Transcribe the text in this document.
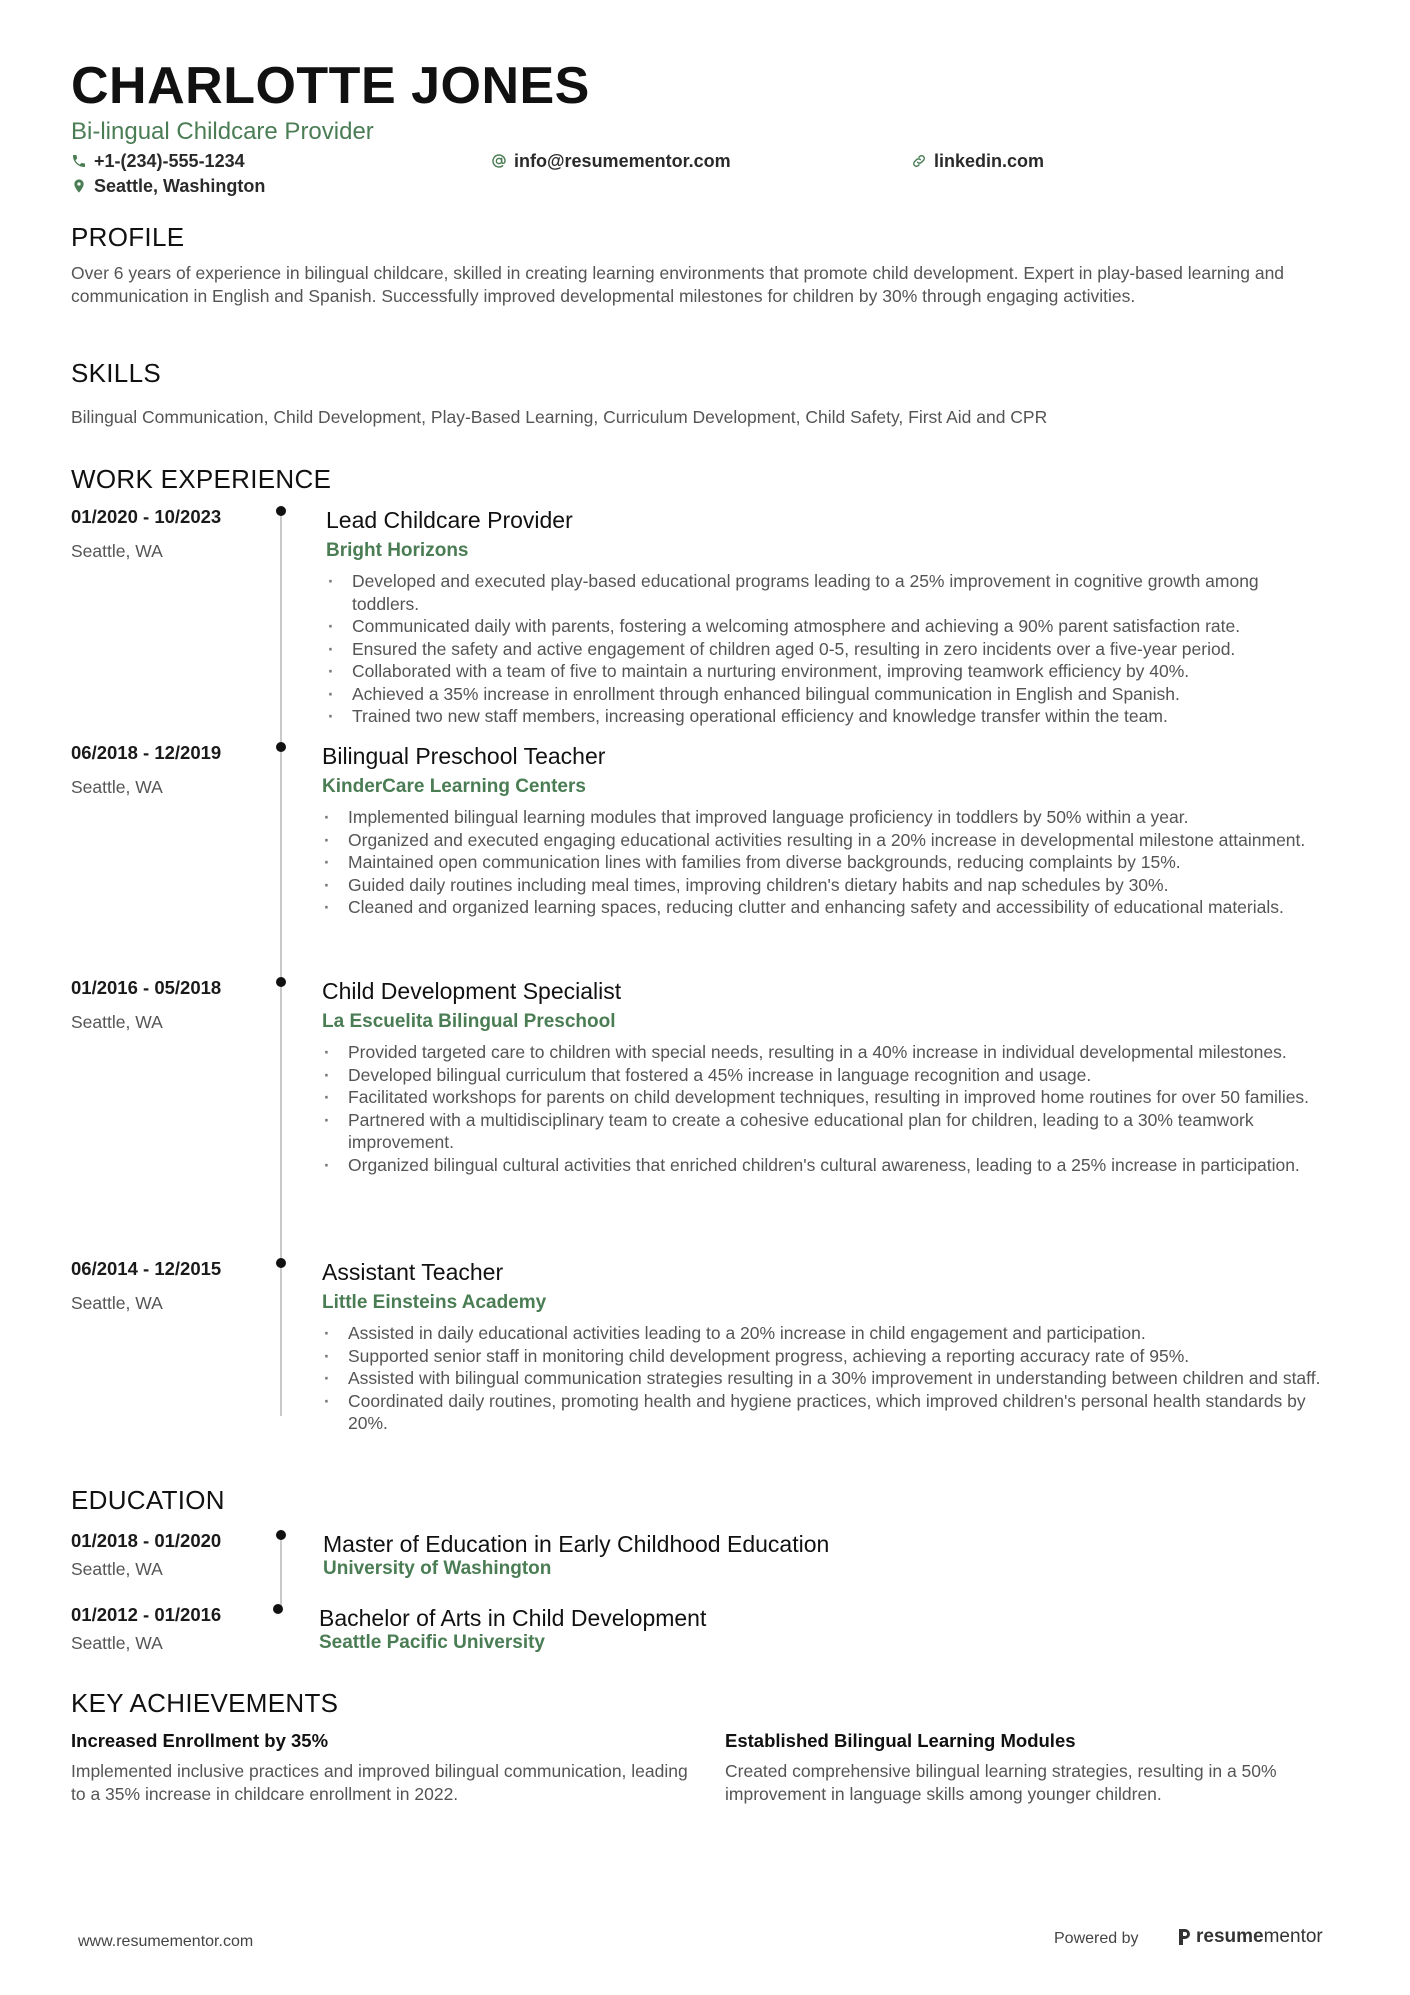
CHARLOTTE JONES
Bi-lingual Childcare Provider
+1-(234)-555-1234	info@resumementor.com	linkedin.com
Seattle, Washington
PROFILE
Over 6 years of experience in bilingual childcare, skilled in creating learning environments that promote child development. Expert in play-based learning and communication in English and Spanish. Successfully improved developmental milestones for children by 30% through engaging activities.
SKILLS
Bilingual Communication, Child Development, Play-Based Learning, Curriculum Development, Child Safety, First Aid and CPR
WORK EXPERIENCE
01/2020 - 10/2023
Seattle, WA
Lead Childcare Provider
Bright Horizons
· Developed and executed play-based educational programs leading to a 25% improvement in cognitive growth among toddlers.
· Communicated daily with parents, fostering a welcoming atmosphere and achieving a 90% parent satisfaction rate.
· Ensured the safety and active engagement of children aged 0-5, resulting in zero incidents over a five-year period.
· Collaborated with a team of five to maintain a nurturing environment, improving teamwork efficiency by 40%.
· Achieved a 35% increase in enrollment through enhanced bilingual communication in English and Spanish.
· Trained two new staff members, increasing operational efficiency and knowledge transfer within the team.
06/2018 - 12/2019
Seattle, WA
Bilingual Preschool Teacher
KinderCare Learning Centers
· Implemented bilingual learning modules that improved language proficiency in toddlers by 50% within a year.
· Organized and executed engaging educational activities resulting in a 20% increase in developmental milestone attainment.
· Maintained open communication lines with families from diverse backgrounds, reducing complaints by 15%.
· Guided daily routines including meal times, improving children's dietary habits and nap schedules by 30%.
· Cleaned and organized learning spaces, reducing clutter and enhancing safety and accessibility of educational materials.
01/2016 - 05/2018
Seattle, WA
Child Development Specialist
La Escuelita Bilingual Preschool
· Provided targeted care to children with special needs, resulting in a 40% increase in individual developmental milestones.
· Developed bilingual curriculum that fostered a 45% increase in language recognition and usage.
· Facilitated workshops for parents on child development techniques, resulting in improved home routines for over 50 families.
· Partnered with a multidisciplinary team to create a cohesive educational plan for children, leading to a 30% teamwork improvement.
· Organized bilingual cultural activities that enriched children's cultural awareness, leading to a 25% increase in participation.
06/2014 - 12/2015
Seattle, WA
Assistant Teacher
Little Einsteins Academy
· Assisted in daily educational activities leading to a 20% increase in child engagement and participation.
· Supported senior staff in monitoring child development progress, achieving a reporting accuracy rate of 95%.
· Assisted with bilingual communication strategies resulting in a 30% improvement in understanding between children and staff.
· Coordinated daily routines, promoting health and hygiene practices, which improved children's personal health standards by 20%.
EDUCATION
01/2018 - 01/2020
Seattle, WA
Master of Education in Early Childhood Education
University of Washington
01/2012 - 01/2016
Seattle, WA
Bachelor of Arts in Child Development
Seattle Pacific University
KEY ACHIEVEMENTS
Increased Enrollment by 35%
Implemented inclusive practices and improved bilingual communication, leading to a 35% increase in childcare enrollment in 2022.
Established Bilingual Learning Modules
Created comprehensive bilingual learning strategies, resulting in a 50% improvement in language skills among younger children.
www.resumementor.com	Powered by	resume mentor
